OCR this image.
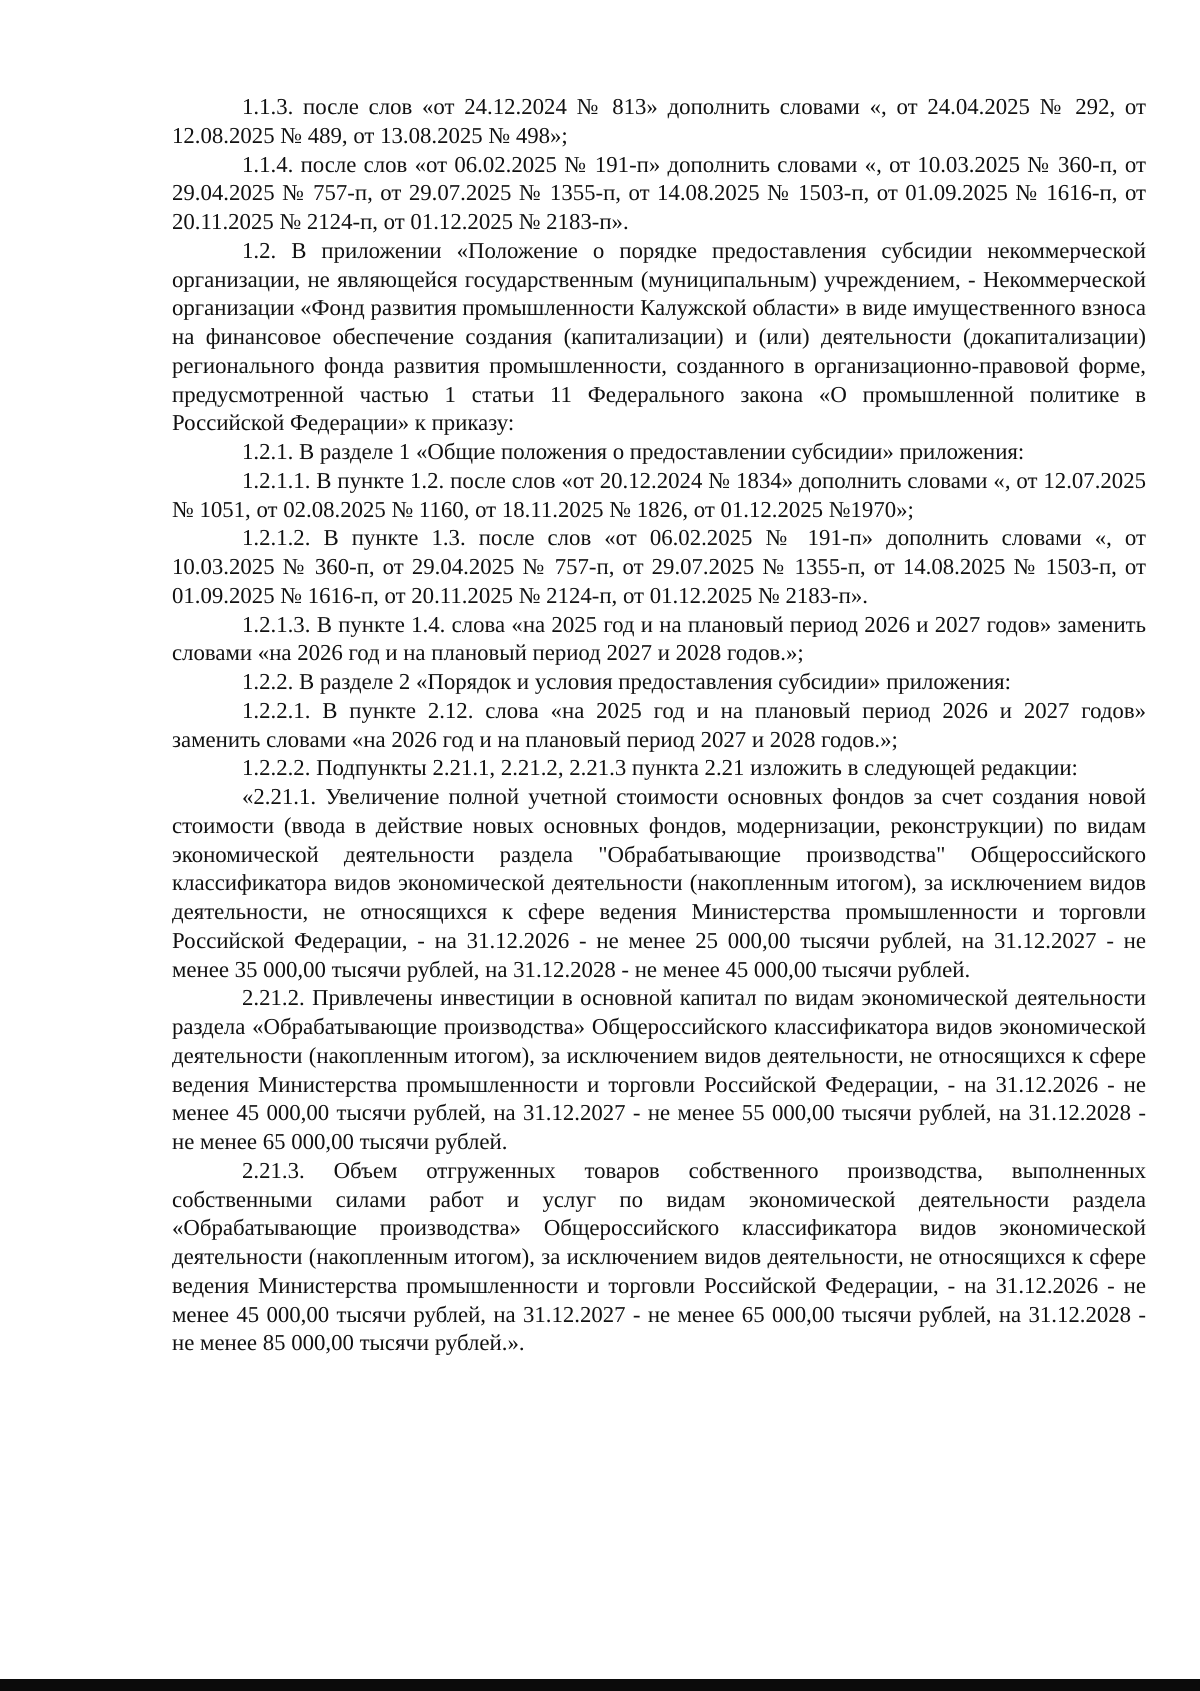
1.1.3. после слов «от 24.12.2024 № 813» дополнить словами «, от 24.04.2025 № 292, от 12.08.2025 № 489, от 13.08.2025 № 498»;

1.1.4. после слов «от 06.02.2025 № 191-п» дополнить словами «, от 10.03.2025 № 360-п, от 29.04.2025 № 757-п, от 29.07.2025 № 1355-п, от 14.08.2025 № 1503-п, от 01.09.2025 № 1616-п, от 20.11.2025 № 2124-п, от 01.12.2025 № 2183-п».

1.2. В приложении «Положение о порядке предоставления субсидии некоммерческой организации, не являющейся государственным (муниципальным) учреждением, - Некоммерческой организации «Фонд развития промышленности Калужской области» в виде имущественного взноса на финансовое обеспечение создания (капитализации) и (или) деятельности (докапитализации) регионального фонда развития промышленности, созданного в организационно-правовой форме, предусмотренной частью 1 статьи 11 Федерального закона «О промышленной политике в Российской Федерации» к приказу:

1.2.1. В разделе 1 «Общие положения о предоставлении субсидии» приложения:

1.2.1.1. В пункте 1.2. после слов «от 20.12.2024 № 1834» дополнить словами «, от 12.07.2025 № 1051, от 02.08.2025 № 1160, от 18.11.2025 № 1826, от 01.12.2025 №1970»;

1.2.1.2. В пункте 1.3. после слов «от 06.02.2025 № 191-п» дополнить словами «, от 10.03.2025 № 360-п, от 29.04.2025 № 757-п, от 29.07.2025 № 1355-п, от 14.08.2025 № 1503-п, от 01.09.2025 № 1616-п, от 20.11.2025 № 2124-п, от 01.12.2025 № 2183-п».

1.2.1.3. В пункте 1.4. слова «на 2025 год и на плановый период 2026 и 2027 годов» заменить словами «на 2026 год и на плановый период 2027 и 2028 годов.»;

1.2.2. В разделе 2 «Порядок и условия предоставления субсидии» приложения:

1.2.2.1. В пункте 2.12. слова «на 2025 год и на плановый период 2026 и 2027 годов» заменить словами «на 2026 год и на плановый период 2027 и 2028 годов.»;

1.2.2.2. Подпункты 2.21.1, 2.21.2, 2.21.3 пункта 2.21 изложить в следующей редакции:

«2.21.1. Увеличение полной учетной стоимости основных фондов за счет создания новой стоимости (ввода в действие новых основных фондов, модернизации, реконструкции) по видам экономической деятельности раздела "Обрабатывающие производства" Общероссийского классификатора видов экономической деятельности (накопленным итогом), за исключением видов деятельности, не относящихся к сфере ведения Министерства промышленности и торговли Российской Федерации, - на 31.12.2026 - не менее 25 000,00 тысячи рублей, на 31.12.2027 - не менее 35 000,00 тысячи рублей, на 31.12.2028 - не менее 45 000,00 тысячи рублей.

2.21.2. Привлечены инвестиции в основной капитал по видам экономической деятельности раздела «Обрабатывающие производства» Общероссийского классификатора видов экономической деятельности (накопленным итогом), за исключением видов деятельности, не относящихся к сфере ведения Министерства промышленности и торговли Российской Федерации, - на 31.12.2026 - не менее 45 000,00 тысячи рублей, на 31.12.2027 - не менее 55 000,00 тысячи рублей, на 31.12.2028 - не менее 65 000,00 тысячи рублей.

2.21.3. Объем отгруженных товаров собственного производства, выполненных собственными силами работ и услуг по видам экономической деятельности раздела «Обрабатывающие производства» Общероссийского классификатора видов экономической деятельности (накопленным итогом), за исключением видов деятельности, не относящихся к сфере ведения Министерства промышленности и торговли Российской Федерации, - на 31.12.2026 - не менее 45 000,00 тысячи рублей, на 31.12.2027 - не менее 65 000,00 тысячи рублей, на 31.12.2028 - не менее 85 000,00 тысячи рублей.».
